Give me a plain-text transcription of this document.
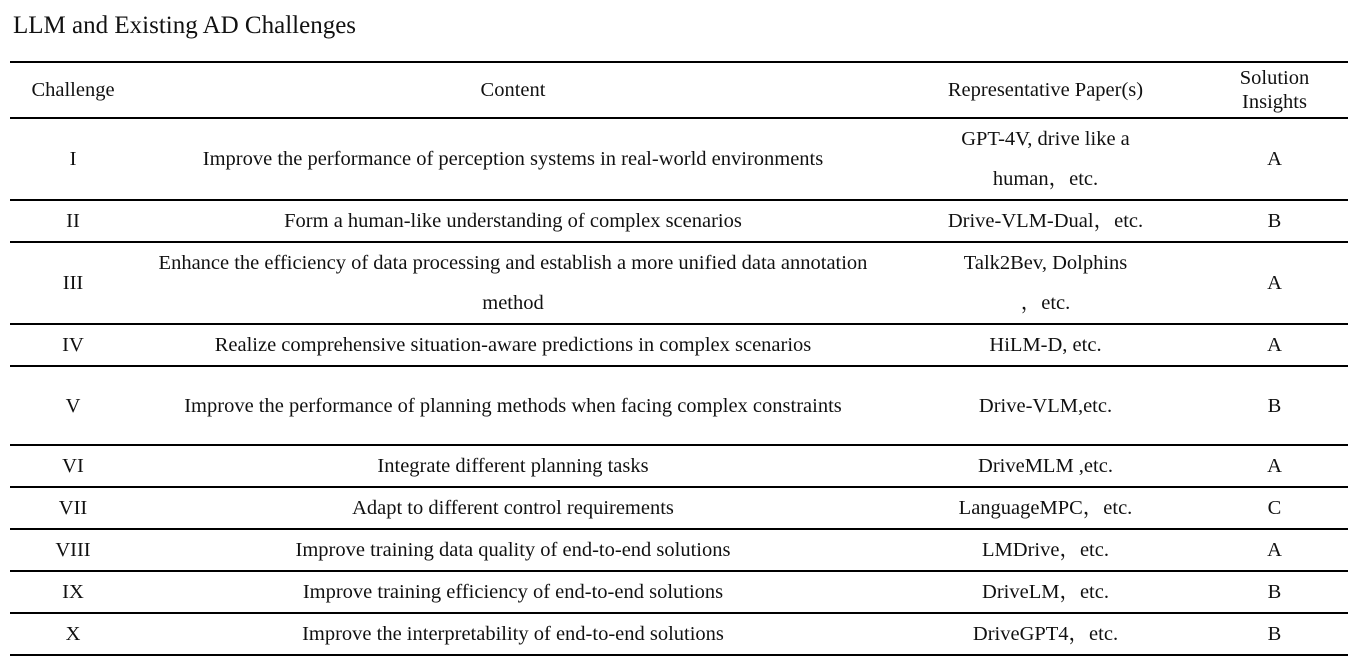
LLM and Existing AD Challenges
Challenge	Content	Representative Paper(s)	Solution Insights
I	Improve the performance of perception systems in real-world environments	GPT-4V, drive like a human，etc.	A
II	Form a human-like understanding of complex scenarios	Drive-VLM-Dual，etc.	B
III	Enhance the efficiency of data processing and establish a more unified data annotation method	Talk2Bev, Dolphins ，etc.	A
IV	Realize comprehensive situation-aware predictions in complex scenarios	HiLM-D, etc.	A
V	Improve the performance of planning methods when facing complex constraints	Drive-VLM,etc.	B
VI	Integrate different planning tasks	DriveMLM ,etc.	A
VII	Adapt to different control requirements	LanguageMPC，etc.	C
VIII	Improve training data quality of end-to-end solutions	LMDrive，etc.	A
IX	Improve training efficiency of end-to-end solutions	DriveLM，etc.	B
X	Improve the interpretability of end-to-end solutions	DriveGPT4，etc.	B
